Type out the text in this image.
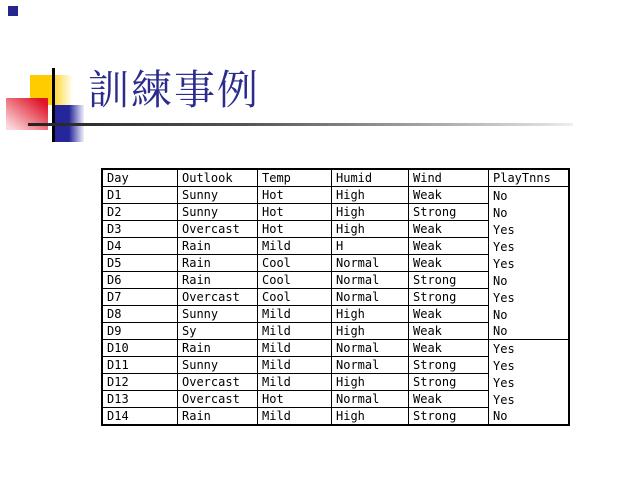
訓練事例
Day	Outlook	Temp	Humid	Wind	PlayTnns
D1	Sunny	Hot	High	Weak	No
D2	Sunny	Hot	High	Strong	No
D3	Overcast	Hot	High	Weak	Yes
D4	Rain	Mild	H	Weak	Yes
D5	Rain	Cool	Normal	Weak	Yes
D6	Rain	Cool	Normal	Strong	No
D7	Overcast	Cool	Normal	Strong	Yes
D8	Sunny	Mild	High	Weak	No
D9	Sy	Mild	High	Weak	No
D10	Rain	Mild	Normal	Weak	Yes
D11	Sunny	Mild	Normal	Strong	Yes
D12	Overcast	Mild	High	Strong	Yes
D13	Overcast	Hot	Normal	Weak	Yes
D14	Rain	Mild	High	Strong	No
